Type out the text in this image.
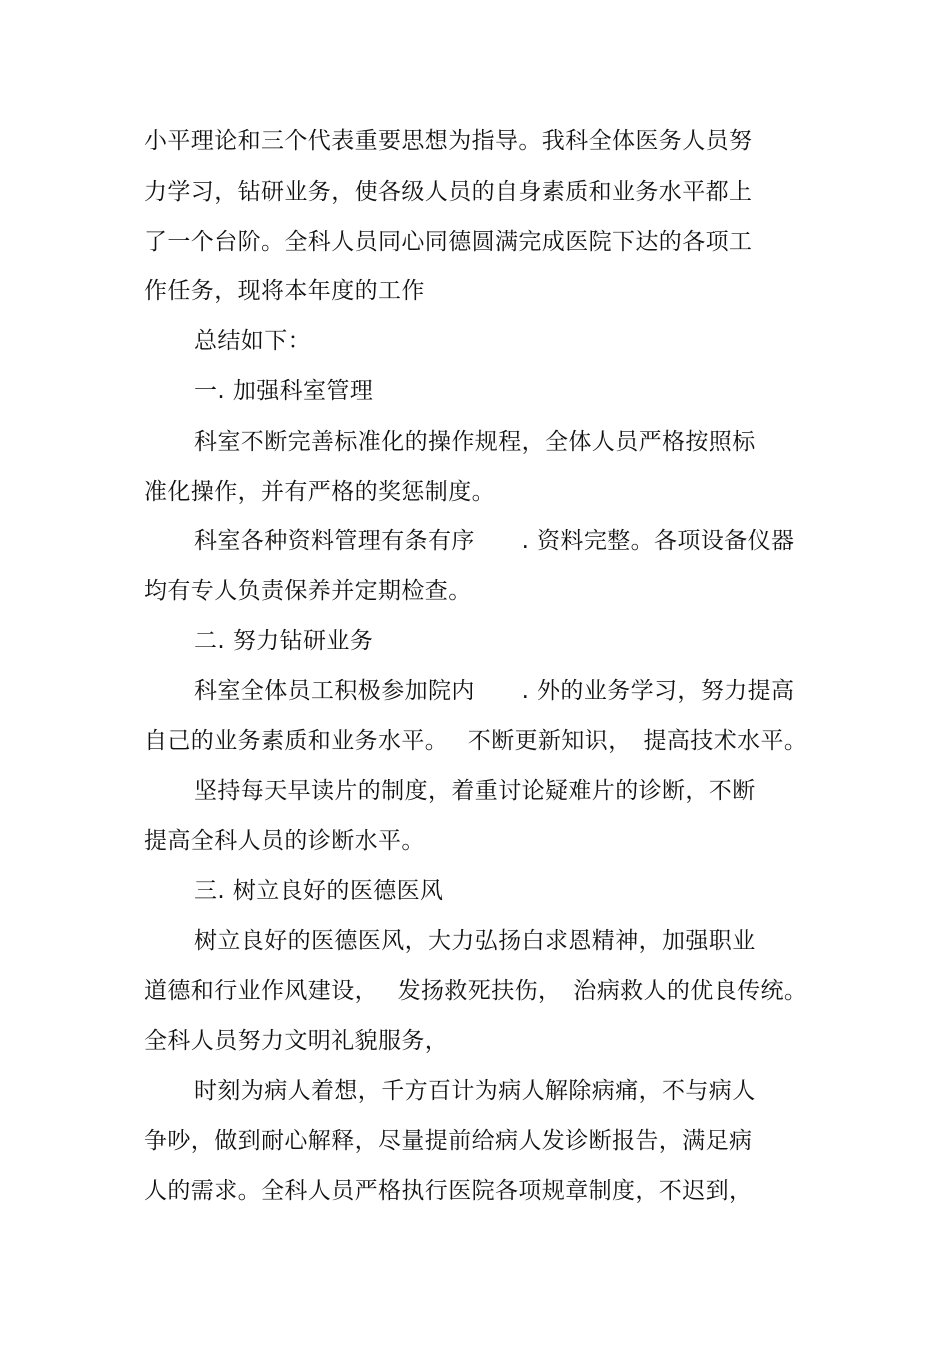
小平理论和三个代表重要思想为指导。我科全体医务人员努
力学习，钻研业务，使各级人员的自身素质和业务水平都上
了一个台阶。全科人员同心同德圆满完成医院下达的各项工
作任务，现将本年度的工作
总结如下：
一. 加强科室管理
科室不断完善标准化的操作规程，全体人员严格按照标
准化操作，并有严格的奖惩制度。
科室各种资料管理有条有序　　. 资料完整。各项设备仪器
均有专人负责保养并定期检查。
二. 努力钻研业务
科室全体员工积极参加院内　　. 外的业务学习，努力提高
自己的业务素质和业务水平。　 不断更新知识，　提高技术水平。
坚持每天早读片的制度，着重讨论疑难片的诊断，不断
提高全科人员的诊断水平。
三. 树立良好的医德医风
树立良好的医德医风，大力弘扬白求恩精神，加强职业
道德和行业作风建设，　 发扬救死扶伤，　治病救人的优良传统。
全科人员努力文明礼貌服务，
时刻为病人着想，千方百计为病人解除病痛，不与病人
争吵，做到耐心解释，尽量提前给病人发诊断报告，满足病
人的需求。全科人员严格执行医院各项规章制度，不迟到，
